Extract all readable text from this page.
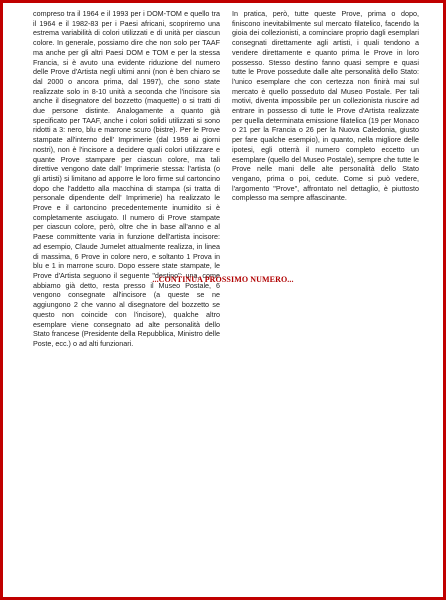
compreso tra il 1964 e il 1993 per i DOM-TOM e quello tra il 1964 e il 1982-83 per i Paesi africani, scopriremo una estrema variabilità di colori utilizzati e di unità per ciascun colore. In generale, possiamo dire che non solo per TAAF ma anche per gli altri Paesi DOM e TOM e per la stessa Francia, si è avuto una evidente riduzione del numero delle Prove d'Artista negli ultimi anni (non è ben chiaro se dal 2000 o ancora prima, dal 1997), che sono state realizzate solo in 8-10 unità a seconda che l'incisore sia anche il disegnatore del bozzetto (maquette) o si tratti di due persone distinte. Analogamente a quanto già specificato per TAAF, anche i colori solidi utilizzati si sono ridotti a 3: nero, blu e marrone scuro (bistre). Per le Prove stampate all'interno dell' Imprimerie (dal 1959 ai giorni nostri), non è l'incisore a decidere quali colori utilizzare e quante Prove stampare per ciascun colore, ma tali direttive vengono date dall' Imprimerie stessa: l'artista (o gli artisti) si limitano ad apporre le loro firme sul cartoncino dopo che l'addetto alla macchina di stampa (si tratta di personale dipendente dell' Imprimerie) ha realizzato le Prove e il cartoncino precedentemente inumidito si è completamente asciugato. Il numero di Prove stampate per ciascun colore, però, oltre che in base all'anno e al Paese committente varia in funzione dell'artista incisore: ad esempio, Claude Jumelet attualmente realizza, in linea di massima, 6 Prove in colore nero, e soltanto 1 Prova in blu e 1 in marrone scuro. Dopo essere state stampate, le Prove d'Artista seguono il seguente "destino": una, come abbiamo già detto, resta presso il Museo Postale, 6 vengono consegnate all'incisore (a queste se ne aggiungono 2 che vanno al disegnatore del bozzetto se questo non coincide con l'incisore), qualche altro esemplare viene consegnato ad alte personalità dello Stato francese (Presidente della Repubblica, Ministro delle Poste, ecc.) o ad alti funzionari.

In pratica, però, tutte queste Prove, prima o dopo, finiscono inevitabilmente sul mercato filatelico, facendo la gioia dei collezionisti, a cominciare proprio dagli esemplari consegnati direttamente agli artisti, i quali tendono a vendere direttamente e quanto prima le Prove in loro possesso. Stesso destino fanno quasi sempre e quasi tutte le Prove possedute dalle alte personalità dello Stato: l'unico esemplare che con certezza non finirà mai sul mercato è quello posseduto dal Museo Postale. Per tali motivi, diventa impossibile per un collezionista riuscire ad entrare in possesso di tutte le Prove d'Artista realizzate per quella determinata emissione filatelica (19 per Monaco o 21 per la Francia o 26 per la Nuova Caledonia, giusto per fare qualche esempio), in quanto, nella migliore delle ipotesi, egli otterrà il numero completo eccetto un esemplare (quello del Museo Postale), sempre che tutte le Prove nelle mani delle alte personalità dello Stato vengano, prima o poi, cedute. Come si può vedere, l'argomento "Prove", affrontato nel dettaglio, è piuttosto complesso ma sempre affascinante.

...CONTINUA PROSSIMO NUMERO...
